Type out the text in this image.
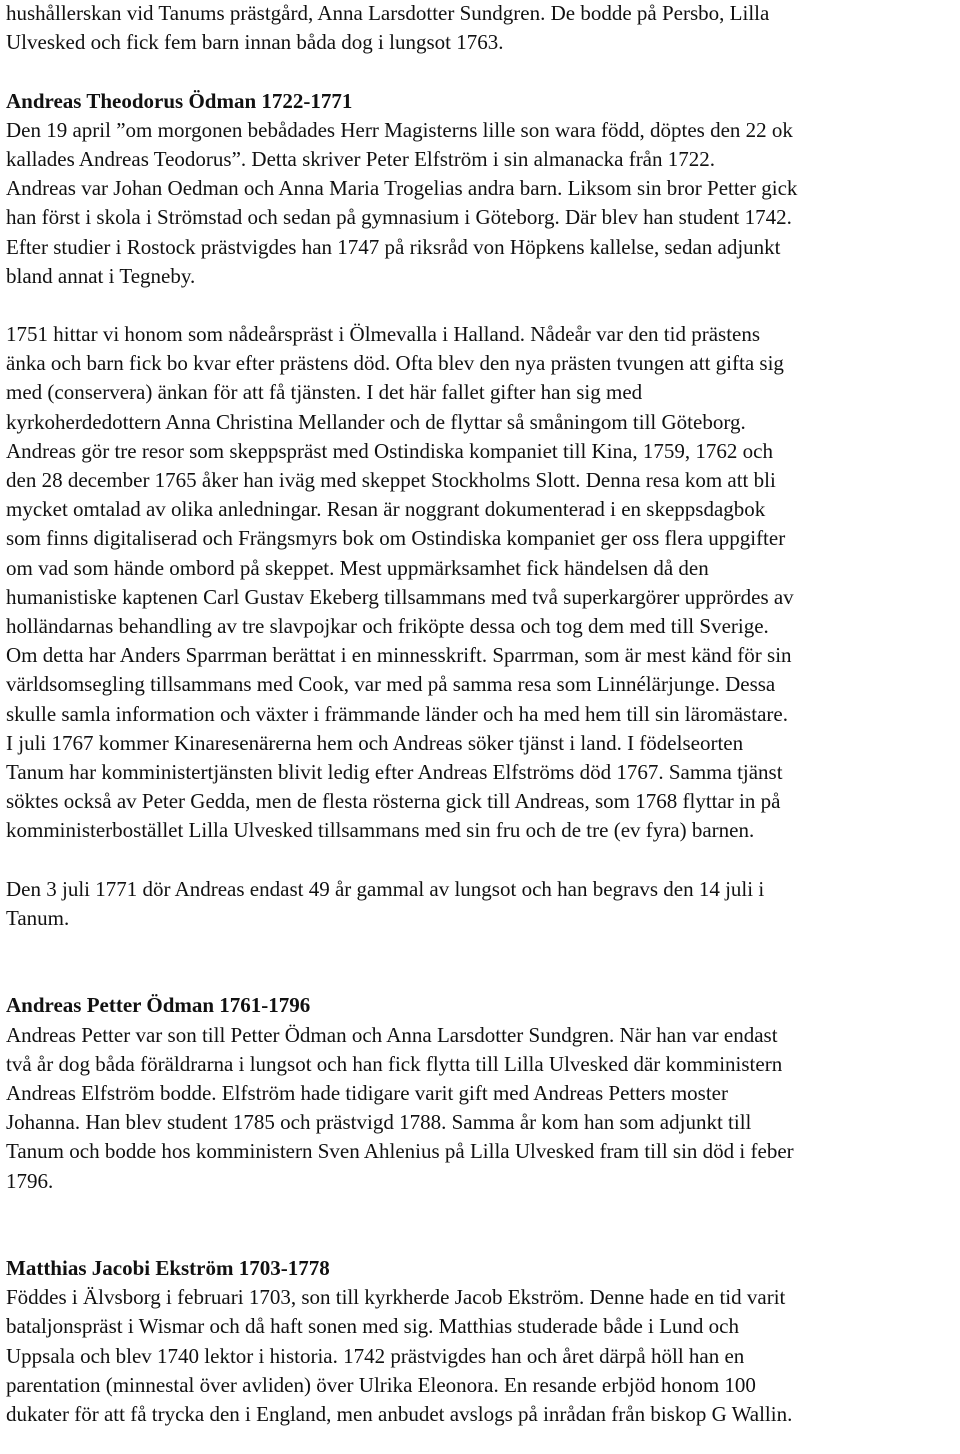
hushållerskan vid Tanums prästgård, Anna Larsdotter Sundgren. De bodde på Persbo, Lilla
Ulvesked och fick fem barn innan båda dog i lungsot 1763.
Andreas Theodorus Ödman 1722-1771
Den 19 april ”om morgonen bebådades Herr Magisterns lille son wara född, döptes den 22 ok
kallades Andreas Teodorus”. Detta skriver Peter Elfström i sin almanacka från 1722.
Andreas var Johan Oedman och Anna Maria Trogelias andra barn. Liksom sin bror Petter gick
han först i skola i Strömstad och sedan på gymnasium i Göteborg. Där blev han student 1742.
Efter studier i Rostock prästvigdes han 1747 på riksråd von Höpkens kallelse, sedan adjunkt
bland annat i Tegneby.
1751 hittar vi honom som nådeårspräst i Ölmevalla i Halland. Nådeår var den tid prästens
änka och barn fick bo kvar efter prästens död. Ofta blev den nya prästen tvungen att gifta sig
med (conservera) änkan för att få tjänsten. I det här fallet gifter han sig med
kyrkoherdedottern Anna Christina Mellander och de flyttar så småningom till Göteborg.
Andreas gör tre resor som skeppspräst med Ostindiska kompaniet till Kina, 1759, 1762 och
den 28 december 1765 åker han iväg med skeppet Stockholms Slott. Denna resa kom att bli
mycket omtalad av olika anledningar. Resan är noggrant dokumenterad i en skeppsdagbok
som finns digitaliserad och Frängsmyrs bok om Ostindiska kompaniet ger oss flera uppgifter
om vad som hände ombord på skeppet. Mest uppmärksamhet fick händelsen då den
humanistiske kaptenen Carl Gustav Ekeberg tillsammans med två superkargörer upprördes av
holländarnas behandling av tre slavpojkar och friköpte dessa och tog dem med till Sverige.
Om detta har Anders Sparrman berättat i en minnesskrift. Sparrman, som är mest känd för sin
världsomsegling tillsammans med Cook, var med på samma resa som Linnélärjunge. Dessa
skulle samla information och växter i främmande länder och ha med hem till sin läromästare.
I juli 1767 kommer Kinaresenärerna hem och Andreas söker tjänst i land. I födelseorten
Tanum har komministertjänsten blivit ledig efter Andreas Elfströms död 1767. Samma tjänst
söktes också av Peter Gedda, men de flesta rösterna gick till Andreas, som 1768 flyttar in på
komministerbostället Lilla Ulvesked tillsammans med sin fru och de tre (ev fyra) barnen.
Den 3 juli 1771 dör Andreas endast 49 år gammal av lungsot och han begravs den 14 juli i
Tanum.
Andreas Petter Ödman 1761-1796
Andreas Petter var son till Petter Ödman och Anna Larsdotter Sundgren. När han var endast
två år dog båda föräldrarna i lungsot och han fick flytta till Lilla Ulvesked där komministern
Andreas Elfström bodde. Elfström hade tidigare varit gift med Andreas Petters moster
Johanna. Han blev student 1785 och prästvigd 1788. Samma år kom han som adjunkt till
Tanum och bodde hos komministern Sven Ahlenius på Lilla Ulvesked fram till sin död i feber
1796.
Matthias Jacobi Ekström 1703-1778
Föddes i Älvsborg i februari 1703, son till kyrkherde Jacob Ekström. Denne hade en tid varit
bataljonspräst i Wismar och då haft sonen med sig. Matthias studerade både i Lund och
Uppsala och blev 1740 lektor i historia. 1742 prästvigdes han och året därpå höll han en
parentation (minnestal över avliden) över Ulrika Eleonora. En resande erbjöd honom 100
dukater för att få trycka den i England, men anbudet avslogs på inrådan från biskop G Wallin.
